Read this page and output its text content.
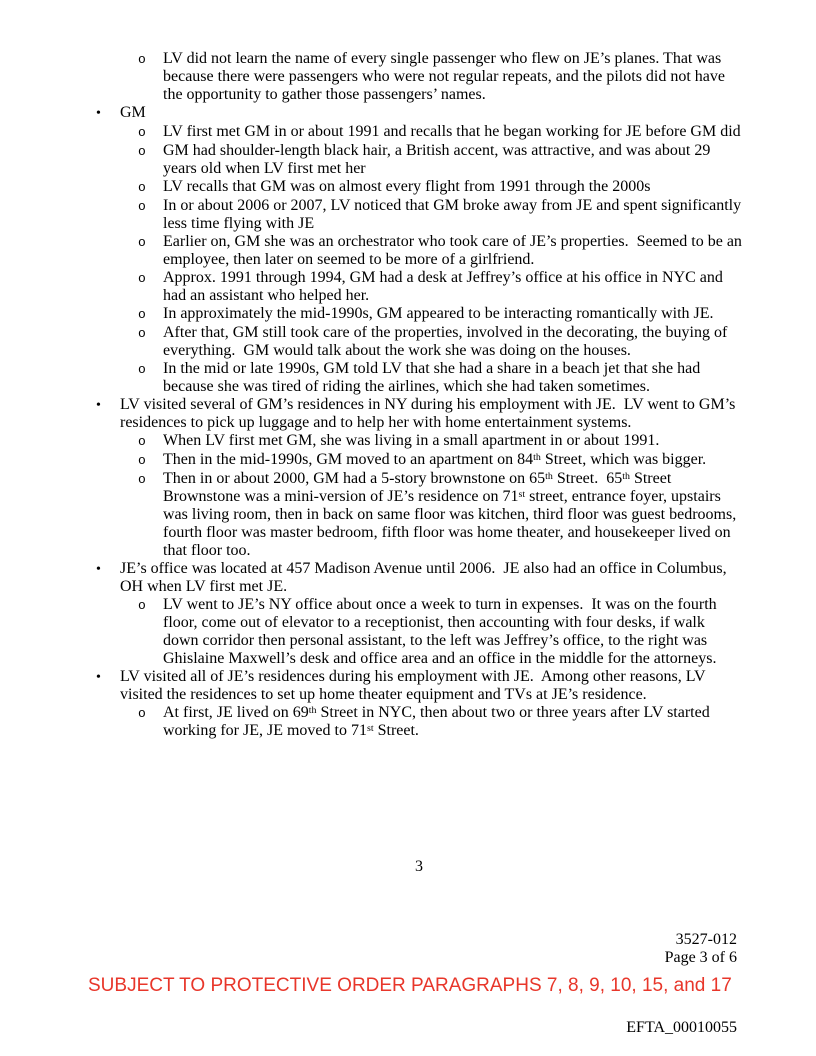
o	LV did not learn the name of every single passenger who flew on JE’s planes. That was because there were passengers who were not regular repeats, and the pilots did not have the opportunity to gather those passengers’ names.
•	GM
o	LV first met GM in or about 1991 and recalls that he began working for JE before GM did
o	GM had shoulder-length black hair, a British accent, was attractive, and was about 29 years old when LV first met her
o	LV recalls that GM was on almost every flight from 1991 through the 2000s
o	In or about 2006 or 2007, LV noticed that GM broke away from JE and spent significantly less time flying with JE
o	Earlier on, GM she was an orchestrator who took care of JE’s properties.  Seemed to be an employee, then later on seemed to be more of a girlfriend.
o	Approx. 1991 through 1994, GM had a desk at Jeffrey’s office at his office in NYC and had an assistant who helped her.
o	In approximately the mid-1990s, GM appeared to be interacting romantically with JE.
o	After that, GM still took care of the properties, involved in the decorating, the buying of everything.  GM would talk about the work she was doing on the houses.
o	In the mid or late 1990s, GM told LV that she had a share in a beach jet that she had because she was tired of riding the airlines, which she had taken sometimes.
•	LV visited several of GM’s residences in NY during his employment with JE.  LV went to GM’s residences to pick up luggage and to help her with home entertainment systems.
o	When LV first met GM, she was living in a small apartment in or about 1991.
o	Then in the mid-1990s, GM moved to an apartment on 84th Street, which was bigger.
o	Then in or about 2000, GM had a 5-story brownstone on 65th Street.  65th Street Brownstone was a mini-version of JE’s residence on 71st street, entrance foyer, upstairs was living room, then in back on same floor was kitchen, third floor was guest bedrooms, fourth floor was master bedroom, fifth floor was home theater, and housekeeper lived on that floor too.
•	JE’s office was located at 457 Madison Avenue until 2006.  JE also had an office in Columbus, OH when LV first met JE.
o	LV went to JE’s NY office about once a week to turn in expenses.  It was on the fourth floor, come out of elevator to a receptionist, then accounting with four desks, if walk down corridor then personal assistant, to the left was Jeffrey’s office, to the right was Ghislaine Maxwell’s desk and office area and an office in the middle for the attorneys.
•	LV visited all of JE’s residences during his employment with JE.  Among other reasons, LV visited the residences to set up home theater equipment and TVs at JE’s residence.
o	At first, JE lived on 69th Street in NYC, then about two or three years after LV started working for JE, JE moved to 71st Street.
3
3527-012
Page 3 of 6
SUBJECT TO PROTECTIVE ORDER PARAGRAPHS 7, 8, 9, 10, 15, and 17
EFTA_00010055
